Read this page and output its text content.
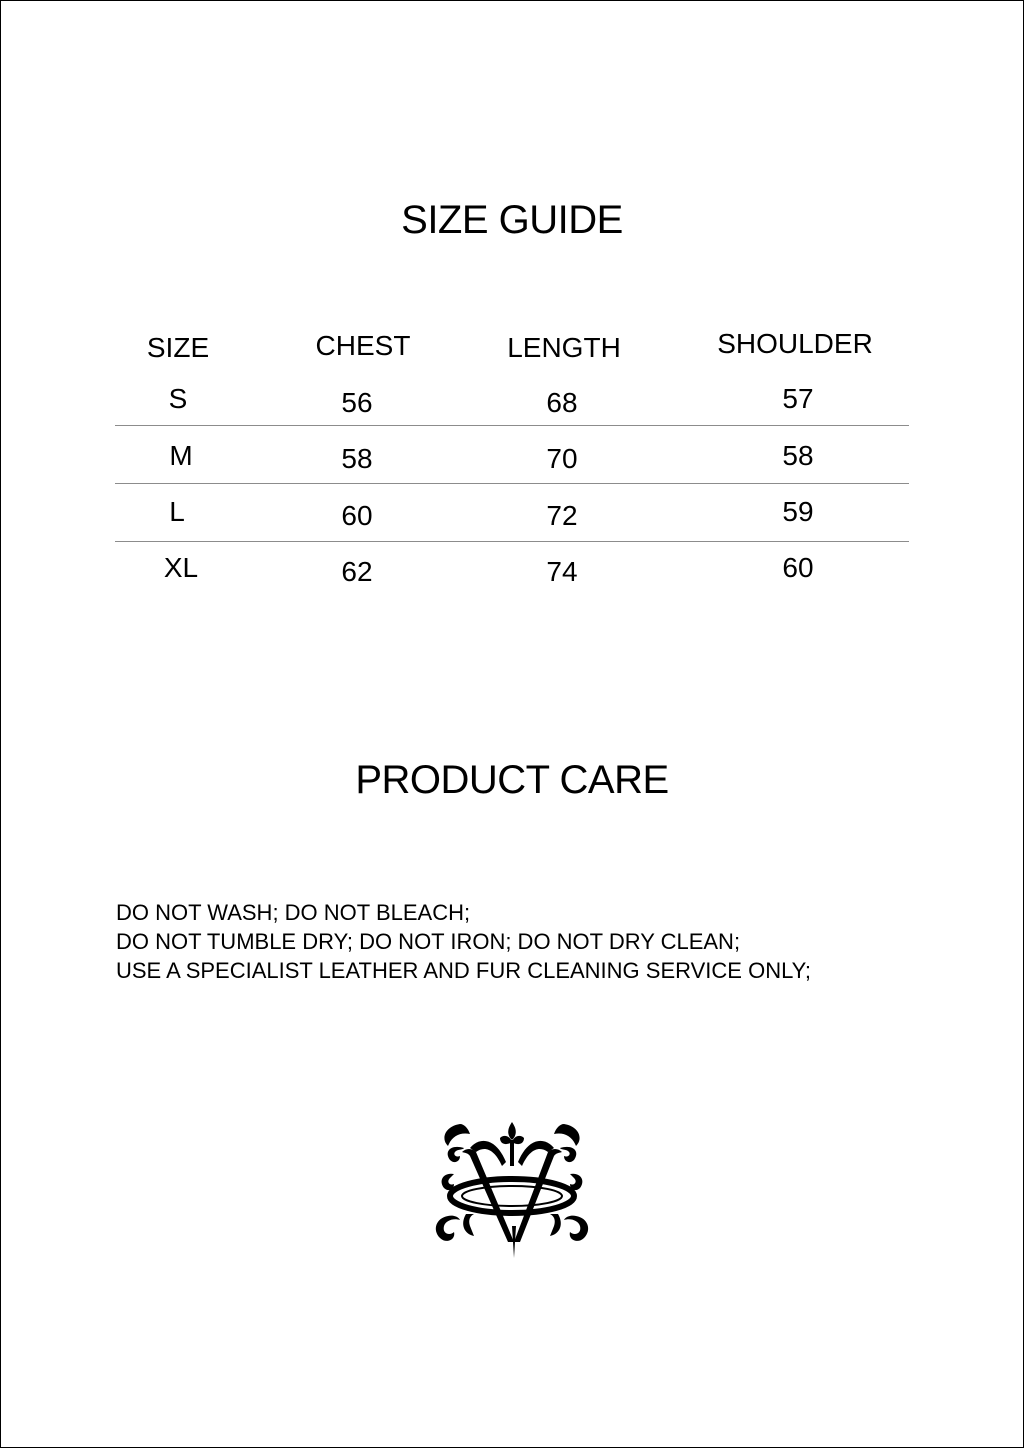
SIZE GUIDE
SIZE	CHEST	LENGTH	SHOULDER
S	56	68	57
M	58	70	58
L	60	72	59
XL	62	74	60
PRODUCT CARE
DO NOT WASH; DO NOT BLEACH;
DO NOT TUMBLE DRY; DO NOT IRON; DO NOT DRY CLEAN;
USE A SPECIALIST LEATHER AND FUR CLEANING SERVICE ONLY;
